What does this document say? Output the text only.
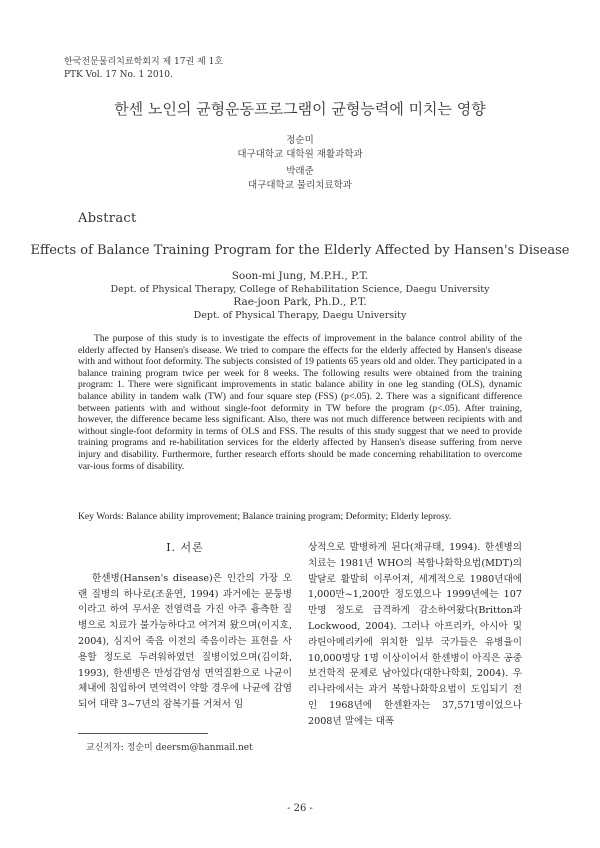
한국전문물리치료학회지 제 17권 제 1호
PTK Vol. 17 No. 1 2010.
한센 노인의 균형운동프로그램이 균형능력에 미치는 영향
정순미
대구대학교 대학원 재활과학과
박래준
대구대학교 물리치료학과
Abstract
Effects of Balance Training Program for the Elderly Affected by Hansen's Disease
Soon-mi Jung, M.P.H., P.T.
Dept. of Physical Therapy, College of Rehabilitation Science, Daegu University
Rae-joon Park, Ph.D., P.T.
Dept. of Physical Therapy, Daegu University
The purpose of this study is to investigate the effects of improvement in the balance control ability of the elderly affected by Hansen's disease. We tried to compare the effects for the elderly affected by Hansen's disease with and without foot deformity. The subjects consisted of 19 patients 65 years old and older. They participated in a balance training program twice per week for 8 weeks. The following results were obtained from the training program: 1. There were significant improvements in static balance ability in one leg standing (OLS), dynamic balance ability in tandem walk (TW) and four square step (FSS) (p<.05). 2. There was a significant difference between patients with and without single-foot deformity in TW before the program (p<.05). After training, however, the difference became less significant. Also, there was not much difference between recipients with and without single-foot deformity in terms of OLS and FSS. The results of this study suggest that we need to provide training programs and re-habilitation services for the elderly affected by Hansen's disease suffering from nerve injury and disability. Furthermore, further research efforts should be made concerning rehabilitation to overcome var-ious forms of disability.
Key Words: Balance ability improvement; Balance training program; Deformity; Elderly leprosy.
Ⅰ. 서론

한센병(Hansen's disease)은 인간의 가장 오랜 질병의 하나로(조윤연, 1994) 과거에는 문둥병이라고 하여 무서운 전염력을 가진 아주 흉측한 질병으로 치료가 불가능하다고 여겨져 왔으며(이지호, 2004), 심지어 죽음 이전의 죽음이라는 표현을 사용할 정도로 두려워하였던 질병이었으며(김이화, 1993), 한센병은 만성감염성 면역질환으로 나균이 체내에 침입하여 면역력이 약할 경우에 나균에 감염되어 대략 3~7년의 잠복기를 거쳐서 임

상적으로 발병하게 된다(채규태, 1994). 한센병의 치료는 1981년 WHO의 복합나화학요법(MDT)의 발달로 활발히 이루어져, 세계적으로 1980년대에 1,000만~1,200만 정도였으나 1999년에는 107만명 정도로 급격하게 감소하여왔다(Britton과 Lockwood, 2004). 그러나 아프리카, 아시아 및 라틴아메리카에 위치한 일부 국가들은 유병율이 10,000명당 1명 이상이어서 한센병이 아직은 공중보건학적 문제로 남아있다(대한나학회, 2004). 우리나라에서는 과거 복합나화학요법이 도입되기 전인 1968년에 한센환자는 37,571명이었으나 2008년 말에는 대폭

교신저자: 정순미 deersm@hanmail.net
- 26 -
